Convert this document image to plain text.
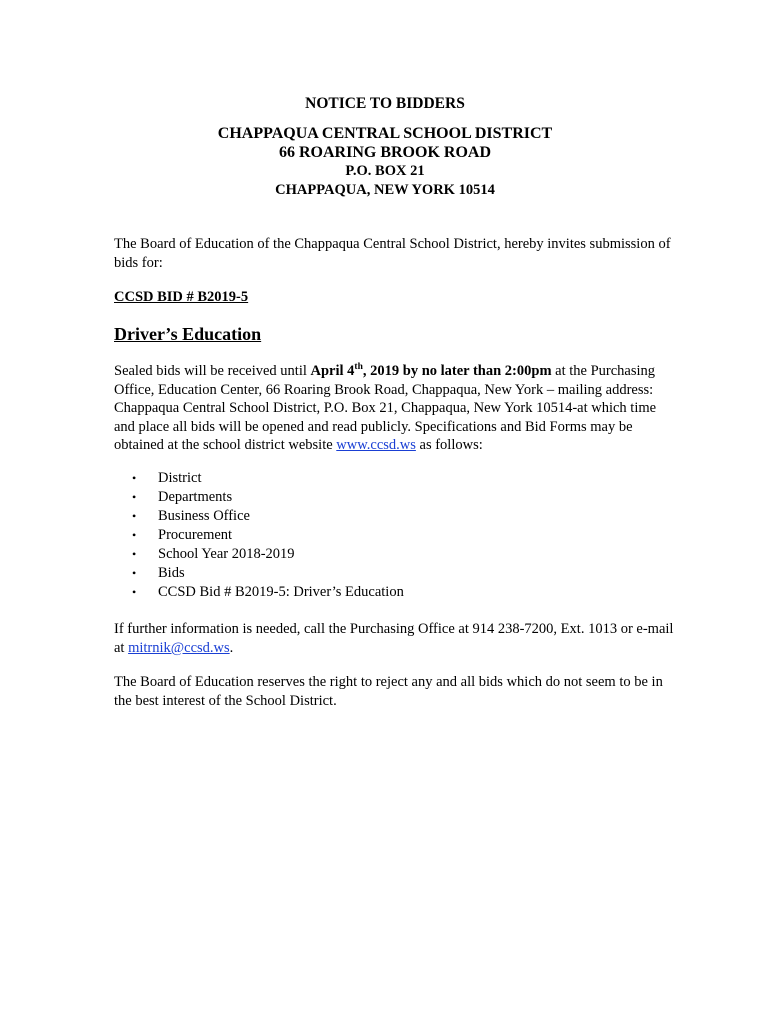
NOTICE TO BIDDERS
CHAPPAQUA CENTRAL SCHOOL DISTRICT
66 ROARING BROOK ROAD
P.O. BOX 21
CHAPPAQUA, NEW YORK 10514
The Board of Education of the Chappaqua Central School District, hereby invites submission of bids for:
CCSD BID # B2019-5
Driver’s Education
Sealed bids will be received until April 4th, 2019 by no later than 2:00pm at the Purchasing Office, Education Center, 66 Roaring Brook Road, Chappaqua, New York – mailing address: Chappaqua Central School District, P.O. Box 21, Chappaqua, New York 10514-at which time and place all bids will be opened and read publicly. Specifications and Bid Forms may be obtained at the school district website www.ccsd.ws as follows:
• District
• Departments
• Business Office
• Procurement
• School Year 2018-2019
• Bids
• CCSD Bid # B2019-5: Driver’s Education
If further information is needed, call the Purchasing Office at 914 238-7200, Ext. 1013 or e-mail at mitrnik@ccsd.ws.
The Board of Education reserves the right to reject any and all bids which do not seem to be in the best interest of the School District.
